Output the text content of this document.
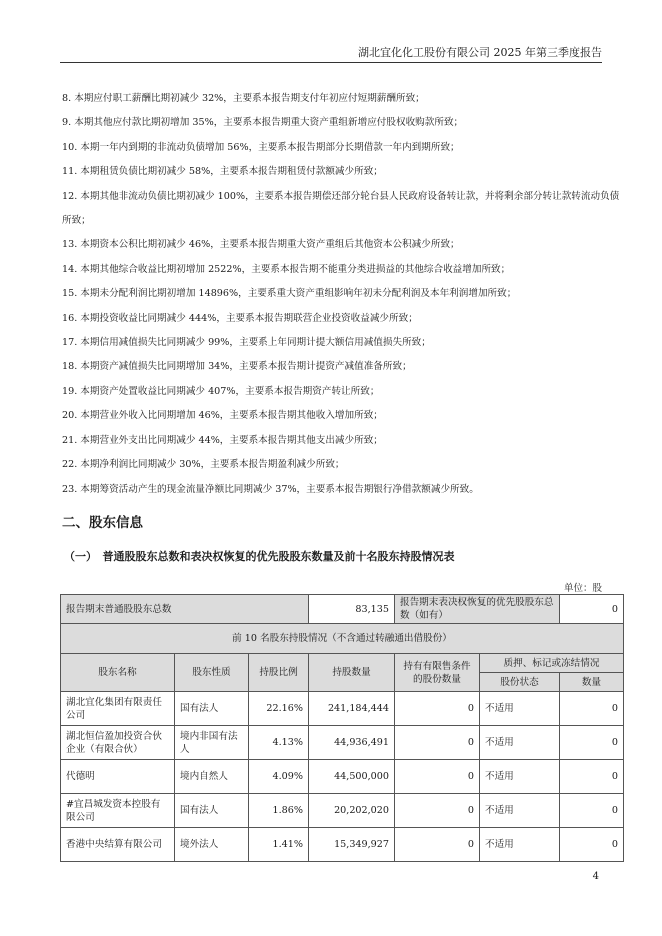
湖北宜化化工股份有限公司 2025 年第三季度报告
8. 本期应付职工薪酬比期初减少 32%，主要系本报告期支付年初应付短期薪酬所致；
9. 本期其他应付款比期初增加 35%，主要系本报告期重大资产重组新增应付股权收购款所致；
10. 本期一年内到期的非流动负债增加 56%，主要系本报告期部分长期借款一年内到期所致；
11. 本期租赁负债比期初减少 58%，主要系本报告期租赁付款额减少所致；
12. 本期其他非流动负债比期初减少 100%，主要系本报告期偿还部分轮台县人民政府设备转让款，并将剩余部分转让款转流动负债所致；
13. 本期资本公积比期初减少 46%，主要系本报告期重大资产重组后其他资本公积减少所致；
14. 本期其他综合收益比期初增加 2522%，主要系本报告期不能重分类进损益的其他综合收益增加所致；
15. 本期未分配利润比期初增加 14896%，主要系重大资产重组影响年初未分配利润及本年利润增加所致；
16. 本期投资收益比同期减少 444%，主要系本报告期联营企业投资收益减少所致；
17. 本期信用减值损失比同期减少 99%，主要系上年同期计提大额信用减值损失所致；
18. 本期资产减值损失比同期增加 34%，主要系本报告期计提资产减值准备所致；
19. 本期资产处置收益比同期减少 407%，主要系本报告期资产转让所致；
20. 本期营业外收入比同期增加 46%，主要系本报告期其他收入增加所致；
21. 本期营业外支出比同期减少 44%，主要系本报告期其他支出减少所致；
22. 本期净利润比同期减少 30%，主要系本报告期盈利减少所致；
23. 本期筹资活动产生的现金流量净额比同期减少 37%，主要系本报告期银行净借款额减少所致。
二、股东信息
（一）　普通股股东总数和表决权恢复的优先股股东数量及前十名股东持股情况表
单位：股
报告期末普通股股东总数			83,135	报告期末表决权恢复的优先股股东总数（如有）		0
前 10 名股东持股情况（不含通过转融通出借股份）						
股东名称	股东性质	持股比例	持股数量	持有有限售条件的股份数量	质押、标记或冻结情况	
					股份状态	数量
湖北宜化集团有限责任公司	国有法人	22.16%	241,184,444	0	不适用	0
湖北恒信盈加投资合伙企业（有限合伙）	境内非国有法人	4.13%	44,936,491	0	不适用	0
代德明	境内自然人	4.09%	44,500,000	0	不适用	0
#宜昌城发资本控股有限公司	国有法人	1.86%	20,202,020	0	不适用	0
香港中央结算有限公司	境外法人	1.41%	15,349,927	0	不适用	0
4
